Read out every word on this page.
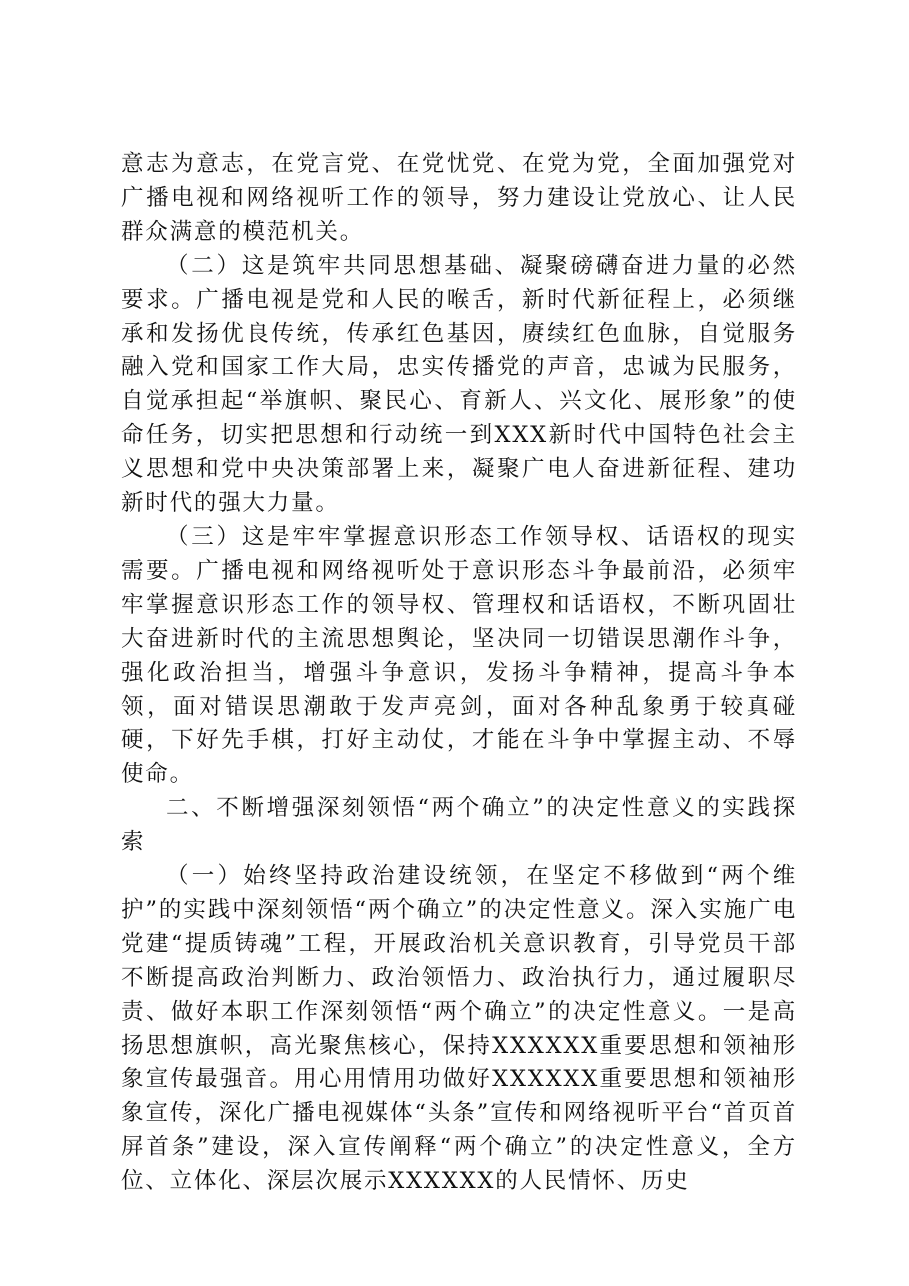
意志为意志，在党言党、在党忧党、在党为党，全面加强党对广播电视和网络视听工作的领导，努力建设让党放心、让人民群众满意的模范机关。

（二）这是筑牢共同思想基础、凝聚磅礴奋进力量的必然要求。广播电视是党和人民的喉舌，新时代新征程上，必须继承和发扬优良传统，传承红色基因，赓续红色血脉，自觉服务融入党和国家工作大局，忠实传播党的声音，忠诚为民服务，自觉承担起“举旗帜、聚民心、育新人、兴文化、展形象”的使命任务，切实把思想和行动统一到XXX新时代中国特色社会主义思想和党中央决策部署上来，凝聚广电人奋进新征程、建功新时代的强大力量。

（三）这是牢牢掌握意识形态工作领导权、话语权的现实需要。广播电视和网络视听处于意识形态斗争最前沿，必须牢牢掌握意识形态工作的领导权、管理权和话语权，不断巩固壮大奋进新时代的主流思想舆论，坚决同一切错误思潮作斗争，强化政治担当，增强斗争意识，发扬斗争精神，提高斗争本领，面对错误思潮敢于发声亮剑，面对各种乱象勇于较真碰硬，下好先手棋，打好主动仗，才能在斗争中掌握主动、不辱使命。

二、不断增强深刻领悟“两个确立”的决定性意义的实践探索

（一）始终坚持政治建设统领，在坚定不移做到“两个维护”的实践中深刻领悟“两个确立”的决定性意义。深入实施广电党建“提质铸魂”工程，开展政治机关意识教育，引导党员干部不断提高政治判断力、政治领悟力、政治执行力，通过履职尽责、做好本职工作深刻领悟“两个确立”的决定性意义。一是高扬思想旗帜，高光聚焦核心，保持XXXXXX重要思想和领袖形象宣传最强音。用心用情用功做好XXXXXX重要思想和领袖形象宣传，深化广播电视媒体“头条”宣传和网络视听平台“首页首屏首条”建设，深入宣传阐释“两个确立”的决定性意义，全方位、立体化、深层次展示XXXXXX的人民情怀、历史
